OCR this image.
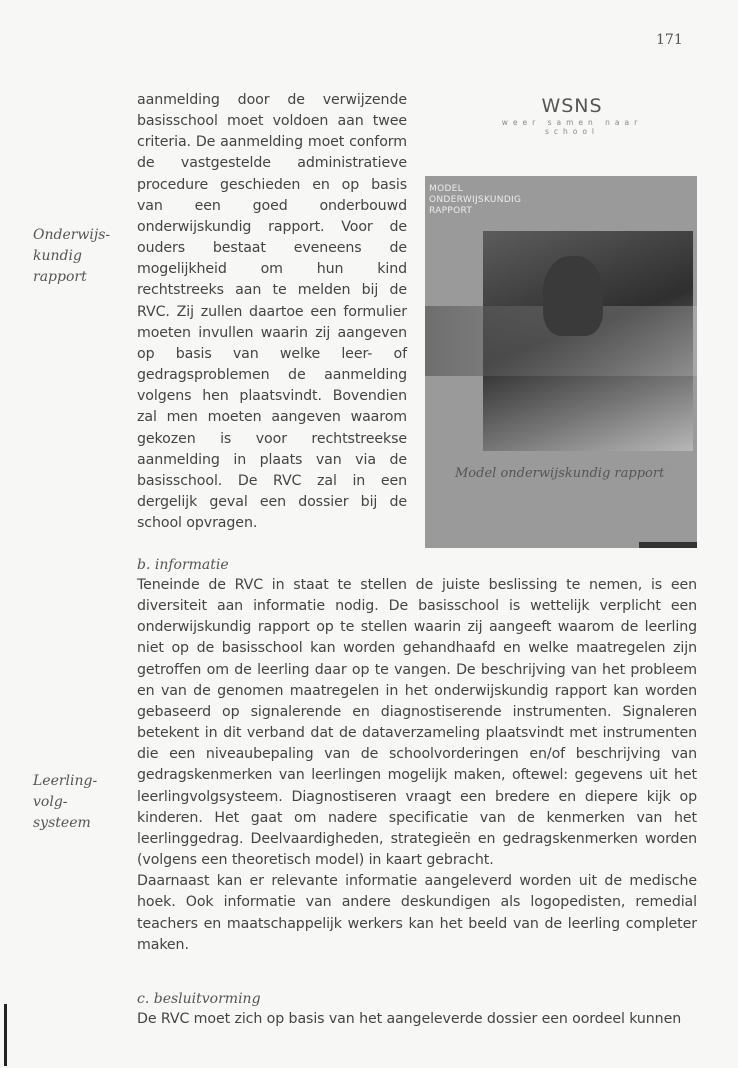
171
Onderwijs-
kundig
rapport

aanmelding door de verwijzende basisschool moet voldoen aan twee criteria. De aanmelding moet conform de vastgestelde administratieve procedure geschieden en op basis van een goed onderbouwd onderwijskundig rapport. Voor de ouders bestaat eveneens de mogelijkheid om hun kind rechtstreeks aan te melden bij de RVC. Zij zullen daartoe een formulier moeten invullen waarin zij aangeven op basis van welke leer- of gedragsproblemen de aanmelding volgens hen plaatsvindt. Bovendien zal men moeten aangeven waarom gekozen is voor rechtstreekse aanmelding in plaats van via de basisschool. De RVC zal in een dergelijk geval een dossier bij de school opvragen.

WSNS
weer samen naar school

MODEL
ONDERWIJSKUNDIG
RAPPORT

Model onderwijskundig rapport
b. informatie

Teneinde de RVC in staat te stellen de juiste beslissing te nemen, is een diversiteit aan informatie nodig. De basisschool is wettelijk verplicht een onderwijskundig rapport op te stellen waarin zij aangeeft waarom de leerling niet op de basisschool kan worden gehandhaafd en welke maatregelen zijn getroffen om de leerling daar op te vangen. De beschrijving van het probleem en van de genomen maatregelen in het onderwijskundig rapport kan worden gebaseerd op signalerende en diagnostiserende instrumenten. Signaleren betekent in dit verband dat de dataverzameling plaatsvindt met instrumenten die een niveaubepaling van de schoolvorderingen en/of beschrijving van gedragskenmerken van leerlingen mogelijk maken, oftewel: gegevens uit het leerlingvolgsysteem. Diagnostiseren vraagt een bredere en diepere kijk op kinderen. Het gaat om nadere specificatie van de kenmerken van het leerlinggedrag. Deelvaardigheden, strategieën en gedragskenmerken worden (volgens een theoretisch model) in kaart gebracht.

Daarnaast kan er relevante informatie aangeleverd worden uit de medische hoek. Ook informatie van andere deskundigen als logopedisten, remedial teachers en maatschappelijk werkers kan het beeld van de leerling completer maken.

Leerling-
volg-
systeem
c. besluitvorming

De RVC moet zich op basis van het aangeleverde dossier een oordeel kunnen
